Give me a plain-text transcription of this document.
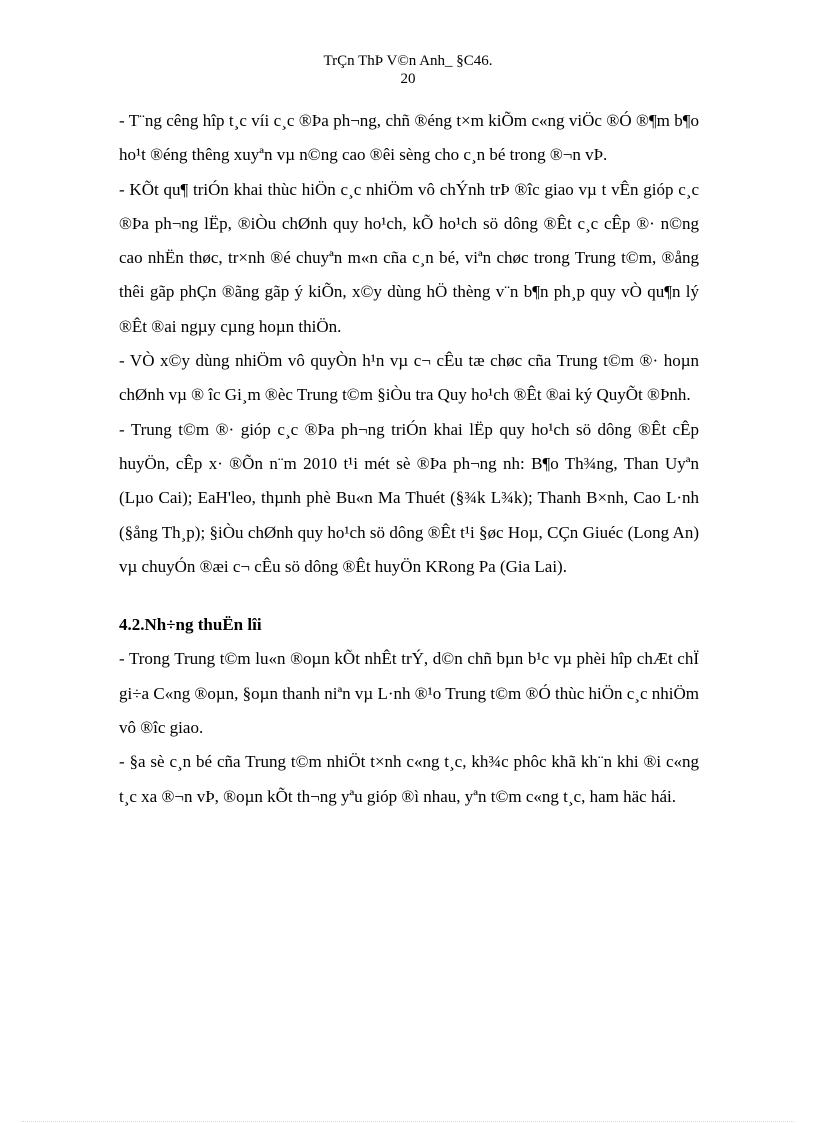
TrÇn ThÞ V©n Anh_ §C46.
20

- T¨ng cêng hîp t¸c víi c¸c ®Þa ph¬ng, chñ ®éng t×m kiÕm c«ng viÖc ®Ó ®¶m b¶o ho¹t ®éng thêng xuyªn vµ n©ng cao ®êi sèng cho c¸n bé trong ®¬n vÞ.

- KÕt qu¶ triÓn khai thùc hiÖn c¸c nhiÖm vô chÝnh trÞ ®îc giao vµ t vÊn gióp c¸c ®Þa ph¬ng lËp, ®iÒu chØnh quy ho¹ch, kÕ ho¹ch sö dông ®Êt c¸c cÊp ®· n©ng cao nhËn thøc, tr×nh ®é chuyªn m«n cña c¸n bé, viªn chøc trong Trung t©m, ®ång thêi gãp phÇn ®ãng gãp ý kiÕn, x©y dùng hÖ thèng v¨n b¶n ph¸p quy vÒ qu¶n lý ®Êt ®ai ngµy cµng hoµn thiÖn.

- VÒ x©y dùng nhiÖm vô quyÒn h¹n vµ c¬ cÊu tæ chøc cña Trung t©m ®· hoµn chØnh vµ ® îc Gi¸m ®èc Trung t©m §iÒu tra Quy ho¹ch ®Êt ®ai ký QuyÕt ®Þnh.

- Trung t©m ®· gióp c¸c ®Þa ph¬ng triÓn khai lËp quy ho¹ch sö dông ®Êt cÊp huyÖn, cÊp x· ®Õn n¨m 2010 t¹i mét sè ®Þa ph¬ng nh: B¶o Th¾ng, Than Uyªn (Lµo Cai); EaH'leo, thµnh phè Bu«n Ma Thuét (§¾k L¾k); Thanh B×nh, Cao L·nh (§ång Th¸p); §iÒu chØnh quy ho¹ch sö dông ®Êt t¹i §øc Hoµ, CÇn Giuéc (Long An) vµ chuyÓn ®æi c¬ cÊu sö dông ®Êt huyÖn KRong Pa (Gia Lai).

4.2.Nh÷ng thuËn lîi

- Trong Trung t©m lu«n ®oµn kÕt nhÊt trÝ, d©n chñ bµn b¹c vµ phèi hîp chÆt chÏ gi÷a C«ng ®oµn, §oµn thanh niªn vµ L·nh ®¹o Trung t©m ®Ó thùc hiÖn c¸c nhiÖm vô ®îc giao.

- §a sè c¸n bé cña Trung t©m nhiÖt t×nh c«ng t¸c, kh¾c phôc khã kh¨n khi ®i c«ng t¸c xa ®¬n vÞ, ®oµn kÕt th¬ng yªu gióp ®ì nhau, yªn t©m c«ng t¸c, ham häc hái.
